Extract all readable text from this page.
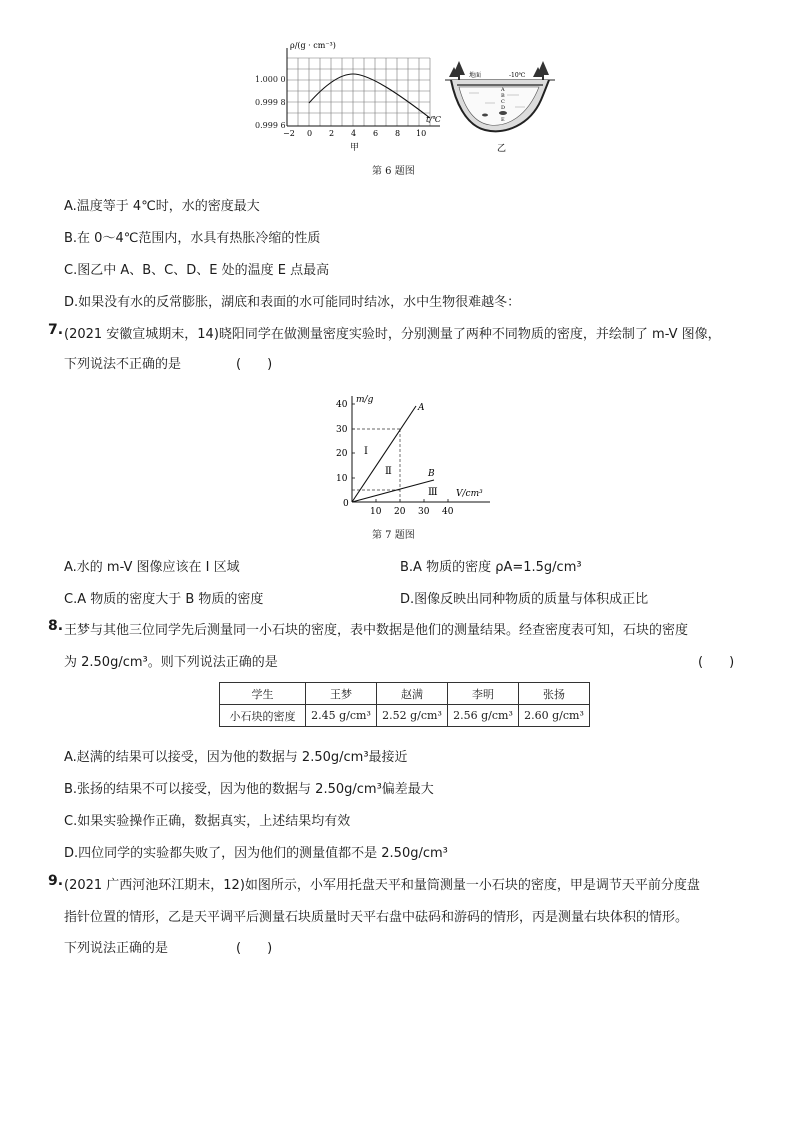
ρ/(g · cm⁻³)
t/℃
−2 0 2 4 6 8 10
甲
1.000 0
0.999 8
0.999 6
地面	-10℃
A
B
C
D
E
乙
第 6 题图
A.温度等于 4℃时，水的密度最大
B.在 0～4℃范围内，水具有热胀冷缩的性质
C.图乙中 A、B、C、D、E 处的温度 E 点最高
D.如果没有水的反常膨胀，湖底和表面的水可能同时结冰，水中生物很难越冬：
7. (2021 安徽宣城期末，14)晓阳同学在做测量密度实验时，分别测量了两种不同物质的密度，并绘制了 m-V 图像，
下列说法不正确的是	(　　)
m/g
V/cm³
40
30
20
10
0
10 20 30 40
A
B
Ⅰ
Ⅱ
Ⅲ
第 7 题图
A.水的 m-V 图像应该在 I 区域	B.A 物质的密度 ρA=1.5g/cm³
C.A 物质的密度大于 B 物质的密度	D.图像反映出同种物质的质量与体积成正比
8. 王梦与其他三位同学先后测量同一小石块的密度，表中数据是他们的测量结果。经查密度表可知，石块的密度
为 2.50g/cm³。则下列说法正确的是	(　　)
学生	王梦	赵满	李明	张扬
小石块的密度	2.45 g/cm³	2.52 g/cm³	2.56 g/cm³	2.60 g/cm³
A.赵满的结果可以接受，因为他的数据与 2.50g/cm³最接近
B.张扬的结果不可以接受，因为他的数据与 2.50g/cm³偏差最大
C.如果实验操作正确，数据真实，上述结果均有效
D.四位同学的实验都失败了，因为他们的测量值都不是 2.50g/cm³
9. (2021 广西河池环江期末，12)如图所示，小军用托盘天平和量筒测量一小石块的密度，甲是调节天平前分度盘
指针位置的情形，乙是天平调平后测量石块质量时天平右盘中砝码和游码的情形，丙是测量右块体积的情形。
下列说法正确的是	(　　)
